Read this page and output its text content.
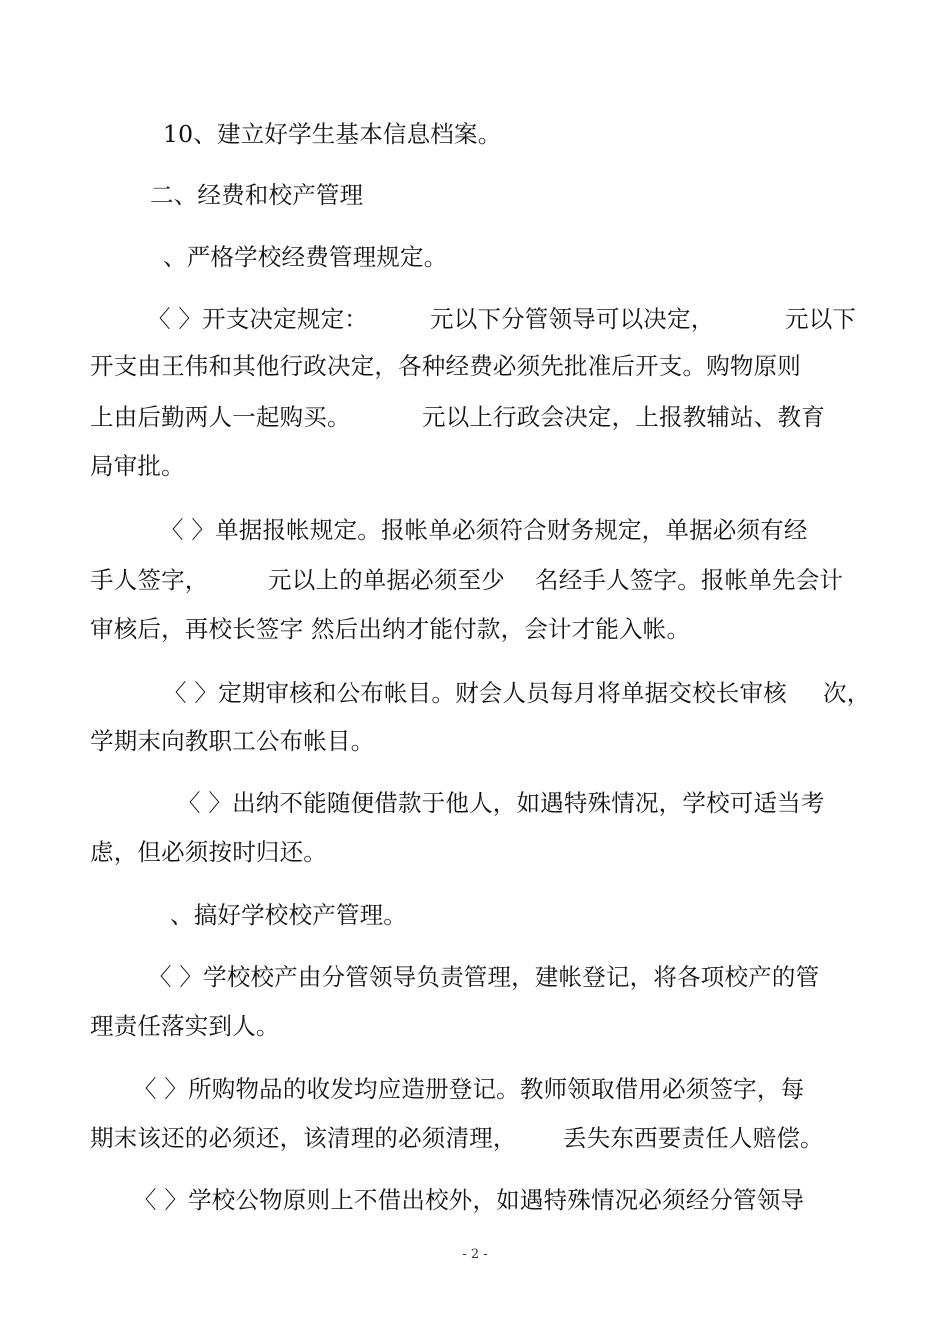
10、建立好学生基本信息档案。
二、经费和校产管理
、严格学校经费管理规定。
〈 〉开支决定规定：	元以下分管领导可以决定，	元以下
开支由王伟和其他行政决定，各种经费必须先批准后开支。购物原则
上由后勤两人一起购买。	元以上行政会决定，上报教辅站、教育
局审批。
〈 〉单据报帐规定。报帐单必须符合财务规定，单据必须有经
手人签字，	元以上的单据必须至少 名经手人签字。报帐单先会计
审核后，再校长签字 然后出纳才能付款，会计才能入帐。
〈 〉定期审核和公布帐目。财会人员每月将单据交校长审核 次，
学期末向教职工公布帐目。
〈 〉出纳不能随便借款于他人，如遇特殊情况，学校可适当考
虑，但必须按时归还。
、搞好学校校产管理。
〈 〉学校校产由分管领导负责管理，建帐登记，将各项校产的管
理责任落实到人。
〈 〉所购物品的收发均应造册登记。教师领取借用必须签字，每
期末该还的必须还，该清理的必须清理， 丢失东西要责任人赔偿。
〈 〉学校公物原则上不借出校外，如遇特殊情况必须经分管领导
- 2 -
